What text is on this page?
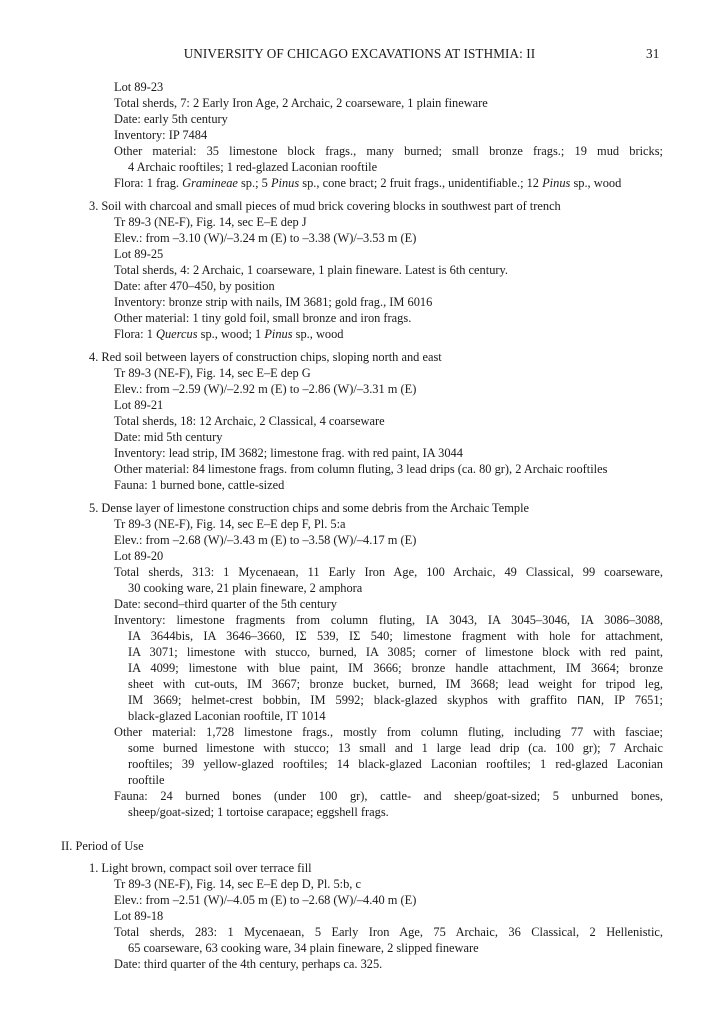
UNIVERSITY OF CHICAGO EXCAVATIONS AT ISTHMIA: II	31
Lot 89-23
Total sherds, 7: 2 Early Iron Age, 2 Archaic, 2 coarseware, 1 plain fineware
Date: early 5th century
Inventory: IP 7484
Other material: 35 limestone block frags., many burned; small bronze frags.; 19 mud bricks;
4 Archaic rooftiles; 1 red-glazed Laconian rooftile
Flora: 1 frag. Gramineae sp.; 5 Pinus sp., cone bract; 2 fruit frags., unidentifiable.; 12 Pinus sp., wood
3. Soil with charcoal and small pieces of mud brick covering blocks in southwest part of trench
Tr 89-3 (NE-F), Fig. 14, sec E–E dep J
Elev.: from –3.10 (W)/–3.24 m (E) to –3.38 (W)/–3.53 m (E)
Lot 89-25
Total sherds, 4: 2 Archaic, 1 coarseware, 1 plain fineware. Latest is 6th century.
Date: after 470–450, by position
Inventory: bronze strip with nails, IM 3681; gold frag., IM 6016
Other material: 1 tiny gold foil, small bronze and iron frags.
Flora: 1 Quercus sp., wood; 1 Pinus sp., wood
4. Red soil between layers of construction chips, sloping north and east
Tr 89-3 (NE-F), Fig. 14, sec E–E dep G
Elev.: from –2.59 (W)/–2.92 m (E) to –2.86 (W)/–3.31 m (E)
Lot 89-21
Total sherds, 18: 12 Archaic, 2 Classical, 4 coarseware
Date: mid 5th century
Inventory: lead strip, IM 3682; limestone frag. with red paint, IA 3044
Other material: 84 limestone frags. from column fluting, 3 lead drips (ca. 80 gr), 2 Archaic rooftiles
Fauna: 1 burned bone, cattle-sized
5. Dense layer of limestone construction chips and some debris from the Archaic Temple
Tr 89-3 (NE-F), Fig. 14, sec E–E dep F, Pl. 5:a
Elev.: from –2.68 (W)/–3.43 m (E) to –3.58 (W)/–4.17 m (E)
Lot 89-20
Total sherds, 313: 1 Mycenaean, 11 Early Iron Age, 100 Archaic, 49 Classical, 99 coarseware,
30 cooking ware, 21 plain fineware, 2 amphora
Date: second–third quarter of the 5th century
Inventory: limestone fragments from column fluting, IA 3043, IA 3045–3046, IA 3086–3088,
IA 3644bis, IA 3646–3660, IΣ 539, IΣ 540; limestone fragment with hole for attachment,
IA 3071; limestone with stucco, burned, IA 3085; corner of limestone block with red paint,
IA 4099; limestone with blue paint, IM 3666; bronze handle attachment, IM 3664; bronze
sheet with cut-outs, IM 3667; bronze bucket, burned, IM 3668; lead weight for tripod leg,
IM 3669; helmet-crest bobbin, IM 5992; black-glazed skyphos with graffito ΠΑΝ, IP 7651;
black-glazed Laconian rooftile, IT 1014
Other material: 1,728 limestone frags., mostly from column fluting, including 77 with fasciae;
some burned limestone with stucco; 13 small and 1 large lead drip (ca. 100 gr); 7 Archaic
rooftiles; 39 yellow-glazed rooftiles; 14 black-glazed Laconian rooftiles; 1 red-glazed Laconian
rooftile
Fauna: 24 burned bones (under 100 gr), cattle- and sheep/goat-sized; 5 unburned bones,
sheep/goat-sized; 1 tortoise carapace; eggshell frags.
II. Period of Use
1. Light brown, compact soil over terrace fill
Tr 89-3 (NE-F), Fig. 14, sec E–E dep D, Pl. 5:b, c
Elev.: from –2.51 (W)/–4.05 m (E) to –2.68 (W)/–4.40 m (E)
Lot 89-18
Total sherds, 283: 1 Mycenaean, 5 Early Iron Age, 75 Archaic, 36 Classical, 2 Hellenistic,
65 coarseware, 63 cooking ware, 34 plain fineware, 2 slipped fineware
Date: third quarter of the 4th century, perhaps ca. 325.
